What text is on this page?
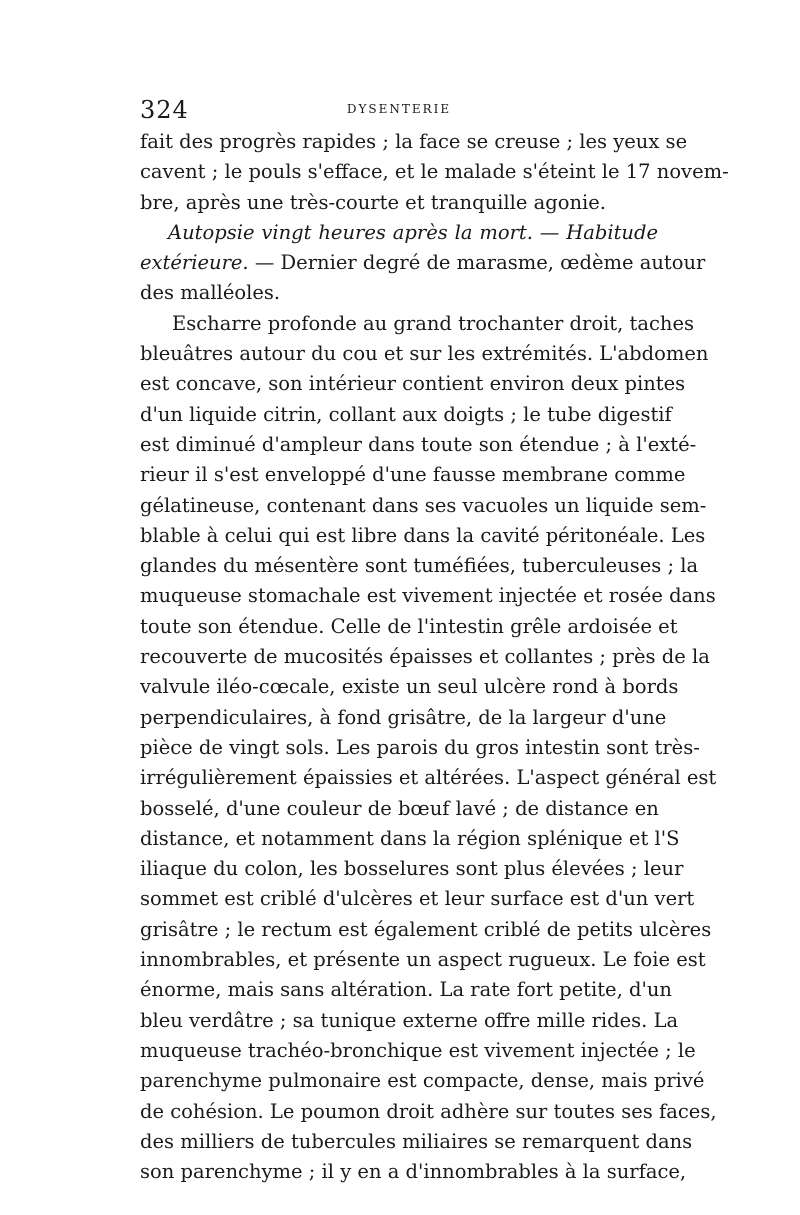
324	DYSENTERIE
fait des progrès rapides ; la face se creuse ; les yeux se
cavent ; le pouls s'efface, et le malade s'éteint le 17 novem-
bre, après une très-courte et tranquille agonie.
Autopsie vingt heures après la mort. — Habitude
extérieure. — Dernier degré de marasme, œdème autour
des malléoles.
Escharre profonde au grand trochanter droit, taches
bleuâtres autour du cou et sur les extrémités. L'abdomen
est concave, son intérieur contient environ deux pintes
d'un liquide citrin, collant aux doigts ; le tube digestif
est diminué d'ampleur dans toute son étendue ; à l'exté-
rieur il s'est enveloppé d'une fausse membrane comme
gélatineuse, contenant dans ses vacuoles un liquide sem-
blable à celui qui est libre dans la cavité péritonéale. Les
glandes du mésentère sont tuméfiées, tuberculeuses ; la
muqueuse stomachale est vivement injectée et rosée dans
toute son étendue. Celle de l'intestin grêle ardoisée et
recouverte de mucosités épaisses et collantes ; près de la
valvule iléo-cœcale, existe un seul ulcère rond à bords
perpendiculaires, à fond grisâtre, de la largeur d'une
pièce de vingt sols. Les parois du gros intestin sont très-
irrégulièrement épaissies et altérées. L'aspect général est
bosselé, d'une couleur de bœuf lavé ; de distance en
distance, et notamment dans la région splénique et l'S
iliaque du colon, les bosselures sont plus élevées ; leur
sommet est criblé d'ulcères et leur surface est d'un vert
grisâtre ; le rectum est également criblé de petits ulcères
innombrables, et présente un aspect rugueux. Le foie est
énorme, mais sans altération. La rate fort petite, d'un
bleu verdâtre ; sa tunique externe offre mille rides. La
muqueuse trachéo-bronchique est vivement injectée ; le
parenchyme pulmonaire est compacte, dense, mais privé
de cohésion. Le poumon droit adhère sur toutes ses faces,
des milliers de tubercules miliaires se remarquent dans
son parenchyme ; il y en a d'innombrables à la surface,
